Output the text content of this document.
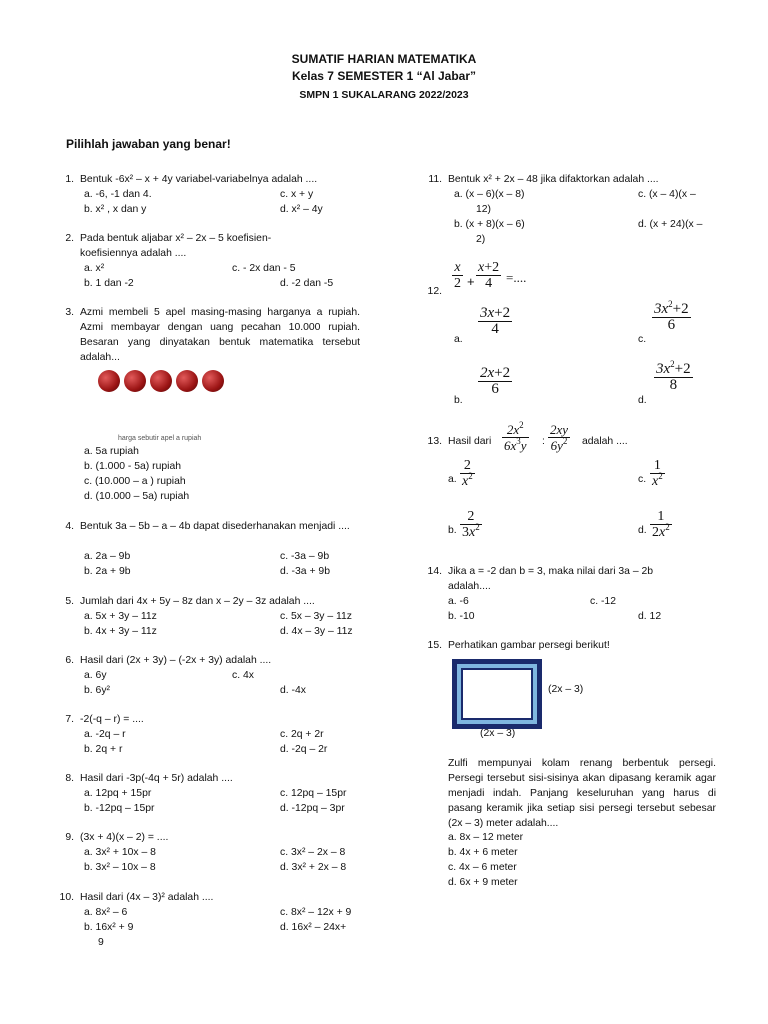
SUMATIF HARIAN MATEMATIKA
Kelas 7 SEMESTER 1 “Al Jabar”
SMPN 1 SUKALARANG 2022/2023
Pilihlah jawaban yang benar!
1. Bentuk -6x² – x + 4y variabel-variabelnya adalah ....
a. -6, -1 dan 4.
b. x² , x dan y
c. x + y
d. x² – 4y
2. Pada bentuk aljabar x² – 2x – 5 koefisien-
koefisiennya adalah ....
a. x²
b. 1 dan -2
c. - 2x dan - 5
d. -2 dan -5
3. Azmi membeli 5 apel masing-masing harganya a rupiah. Azmi membayar dengan uang pecahan 10.000 rupiah. Besaran yang dinyatakan bentuk matematika tersebut adalah...
a. 5a rupiah
b. (1.000 - 5a) rupiah
c. (10.000 – a ) rupiah
d. (10.000 – 5a) rupiah
harga sebutir apel a rupiah
4. Bentuk 3a – 5b – a – 4b dapat disederhanakan menjadi ....
a. 2a – 9b
b. 2a + 9b
c. -3a – 9b
d. -3a + 9b
5. Jumlah dari 4x + 5y – 8z dan x – 2y – 3z adalah ....
a. 5x + 3y – 11z
b. 4x + 3y – 11z
c. 5x – 3y – 11z
d. 4x – 3y – 11z
6. Hasil dari (2x + 3y) – (-2x + 3y) adalah ....
a. 6y
b. 6y²
c. 4x
d. -4x
7. -2(-q – r) = ....
a. -2q – r
b. 2q + r
c. 2q + 2r
d. -2q – 2r
8. Hasil dari -3p(-4q + 5r) adalah ....
a. 12pq + 15pr
b. -12pq – 15pr
c. 12pq – 15pr
d. -12pq – 3pr
9. (3x + 4)(x – 2) = ....
a. 3x² + 10x – 8
b. 3x² – 10x – 8
c. 3x² – 2x – 8
d. 3x² + 2x – 8
10. Hasil dari (4x – 3)² adalah ....
a. 8x² – 6
b. 16x² + 9
9
c. 8x² – 12x + 9
d. 16x² – 24x+
11. Bentuk x² + 2x – 48 jika difaktorkan adalah ....
a. (x – 6)(x – 8)
12)
b. (x + 8)(x – 6)
2)
c. (x – 4)(x –
d. (x + 24)(x –
12.
$\frac{x}{2} + \frac{x+2}{4}$ =....
a.
$\frac{3x+2}{4}$
b.
$\frac{2x+2}{6}$
c.
$\frac{3x^2+2}{6}$
d.
$\frac{3x^2+2}{8}$
13. Hasil dari $\frac{2x^2}{6x^3y}$ : $\frac{2xy}{6y^2}$ adalah ....
a. $\frac{2}{x^2}$
b. $\frac{2}{3x^2}$
c. $\frac{1}{x^2}$
d. $\frac{1}{2x^2}$
14. Jika a = -2 dan b = 3, maka nilai dari 3a – 2b
adalah....
a. -6
b. -10
c. -12
d. 12
15. Perhatikan gambar persegi berikut!
(2x – 3)
(2x – 3)
Zulfi mempunyai kolam renang berbentuk persegi. Persegi tersebut sisi-sisinya akan dipasang keramik agar menjadi indah. Panjang keseluruhan yang harus di pasang keramik jika setiap sisi persegi tersebut sebesar (2x – 3) meter adalah....
a. 8x – 12 meter
b. 4x + 6 meter
c. 4x – 6 meter
d. 6x + 9 meter
